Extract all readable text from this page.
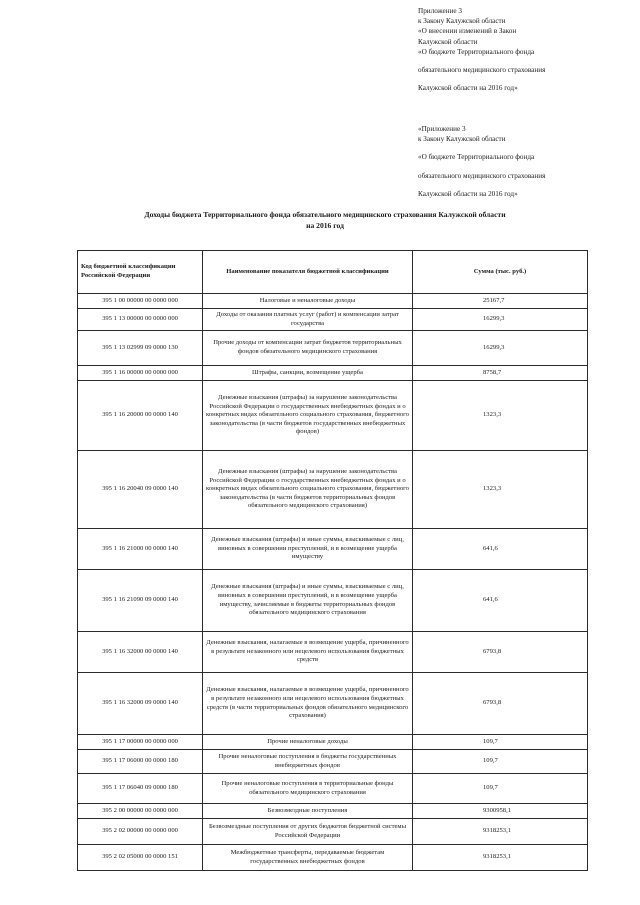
Приложение 3
к Закону Калужской области
«О внесении изменений в Закон
Калужской области
«О бюджете Территориального фонда
обязательного медицинского страхования
Калужской области на 2016 год»
«Приложение 3
к Закону Калужской области
«О бюджете Территориального фонда
обязательного медицинского страхования
Калужской области на 2016 год»
Доходы бюджета Территориального фонда обязательного медицинского страхования Калужской области
на 2016 год
Код бюджетной классификации Российской Федерации	Наименование показателя бюджетной классификации	Сумма (тыс. руб.)
395 1 00 00000 00 0000 000	Налоговые и неналоговые доходы	25167,7
395 1 13 00000 00 0000 000	Доходы от оказания платных услуг (работ) и компенсации затрат государства	16299,3
395 1 13 02999 09 0000 130	Прочие доходы от компенсации затрат бюджетов территориальных фондов обязательного медицинского страхования	16299,3
395 1 16 00000 00 0000 000	Штрафы, санкции, возмещение ущерба	8758,7
395 1 16 20000 00 0000 140	Денежные взыскания (штрафы) за нарушение законодательства Российской Федерации о государственных внебюджетных фондах и о конкретных видах обязательного социального страхования, бюджетного законодательства (в части бюджетов государственных внебюджетных фондов)	1323,3
395 1 16 20040 09 0000 140	Денежные взыскания (штрафы) за нарушение законодательства Российской Федерации о государственных внебюджетных фондах и о конкретных видах обязательного социального страхования, бюджетного законодательства (в части бюджетов территориальных фондов обязательного медицинского страхования)	1323,3
395 1 16 21000 00 0000 140	Денежные взыскания (штрафы) и иные суммы, взыскиваемые с лиц, виновных в совершении преступлений, и в возмещение ущерба имуществу	641,6
395 1 16 21090 09 0000 140	Денежные взыскания (штрафы) и иные суммы, взыскиваемые с лиц, виновных в совершении преступлений, и в возмещение ущерба имуществу, зачисляемые в бюджеты территориальных фондов обязательного медицинского страхования	641,6
395 1 16 32000 00 0000 140	Денежные взыскания, налагаемые в возмещение ущерба, причиненного в результате незаконного или нецелевого использования бюджетных средств	6793,8
395 1 16 32000 09 0000 140	Денежные взыскания, налагаемые в возмещение ущерба, причиненного в результате незаконного или нецелевого использования бюджетных средств (в части территориальных фондов обязательного медицинского страхования)	6793,8
395 1 17 00000 00 0000 000	Прочие неналоговые доходы	109,7
395 1 17 06000 00 0000 180	Прочие неналоговые поступления в бюджеты государственных внебюджетных фондов	109,7
395 1 17 06040 09 0000 180	Прочие неналоговые поступления в территориальные фонды обязательного медицинского страхования	109,7
395 2 00 00000 00 0000 000	Безвозмездные поступления	9300958,1
395 2 02 00000 00 0000 000	Безвозмездные поступления от других бюджетов бюджетной системы Российской Федерации	9318253,1
395 2 02 05000 00 0000 151	Межбюджетные трансферты, передаваемые бюджетам государственных внебюджетных фондов	9318253,1
